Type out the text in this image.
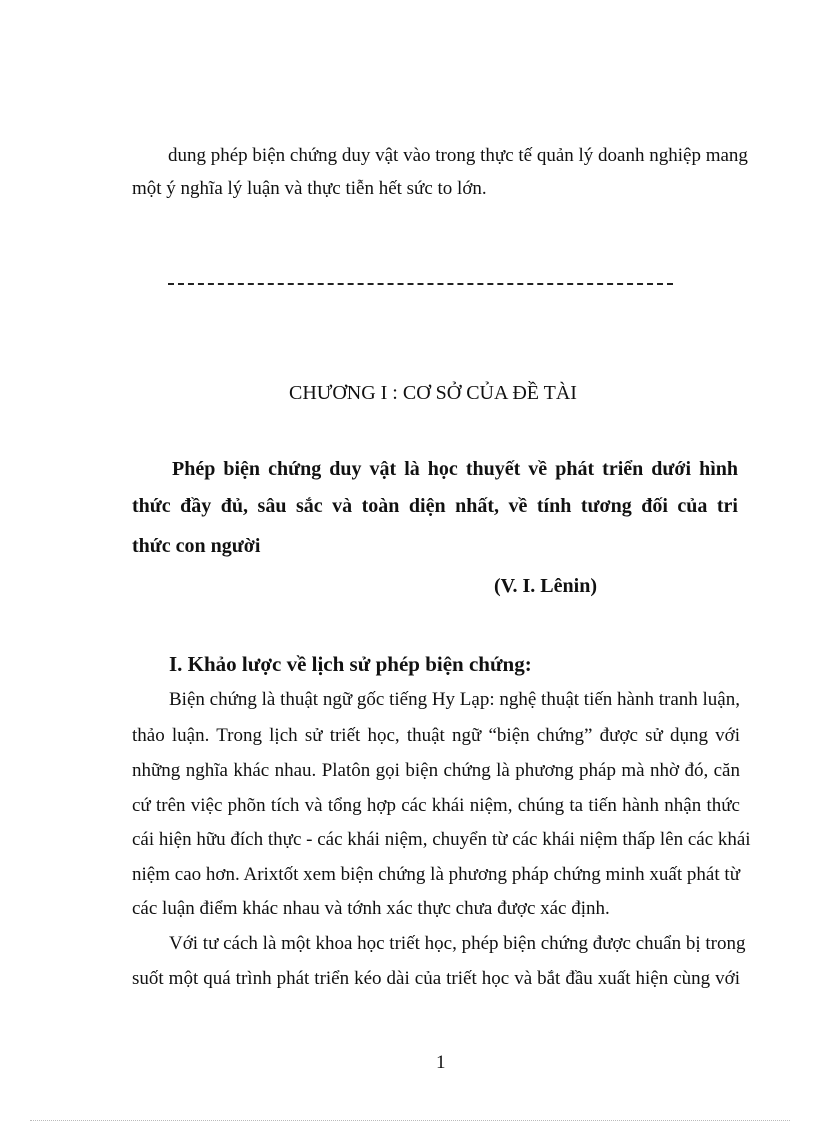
dung phép biện chứng duy vật vào trong thực tế quản lý doanh nghiệp mang
một ý nghĩa lý luận và thực tiễn hết sức to lớn.
CHƯƠNG I : CƠ SỞ CỦA ĐỀ TÀI
Phép biện chứng duy vật là học thuyết về phát triển dưới hình
thức đầy đủ, sâu sắc và toàn diện nhất, về tính tương đối của tri
thức con người
(V. I. Lênin)
I. Khảo lược về lịch sử phép biện chứng:
Biện chứng là thuật ngữ gốc tiếng Hy Lạp: nghệ thuật tiến hành tranh luận,
thảo luận. Trong lịch sử triết học, thuật ngữ “biện chứng” được sử dụng với
những nghĩa khác nhau. Platôn gọi biện chứng là phương pháp mà nhờ đó, căn
cứ trên việc phõn tích và tổng hợp các khái niệm, chúng ta tiến hành nhận thức
cái hiện hữu đích thực - các khái niệm, chuyển từ các khái niệm thấp lên các khái
niệm cao hơn. Arixtốt xem biện chứng là phương pháp chứng minh xuất phát từ
các luận điểm khác nhau và tớnh xác thực chưa được xác định.
Với tư cách là một khoa học triết học, phép biện chứng được chuẩn bị trong
suốt một quá trình phát triển kéo dài của triết học và bắt đầu xuất hiện cùng với
1
